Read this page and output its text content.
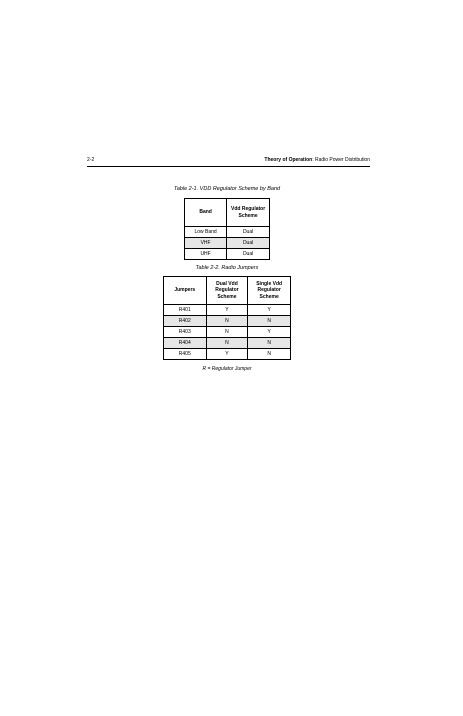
2-2	Theory of Operation: Radio Power Distribution
Table 2-1. VDD Regulator Scheme by Band
Band	Vdd Regulator Scheme
Low Band	Dual
VHF	Dual
UHF	Dual
Table 2-2. Radio Jumpers
Jumpers	Dual Vdd Regulator Scheme	Single Vdd Regulator Scheme
R401	Y	Y
R402	N	N
R403	N	Y
R404	N	N
R405	Y	N
R = Regulator Jumper
